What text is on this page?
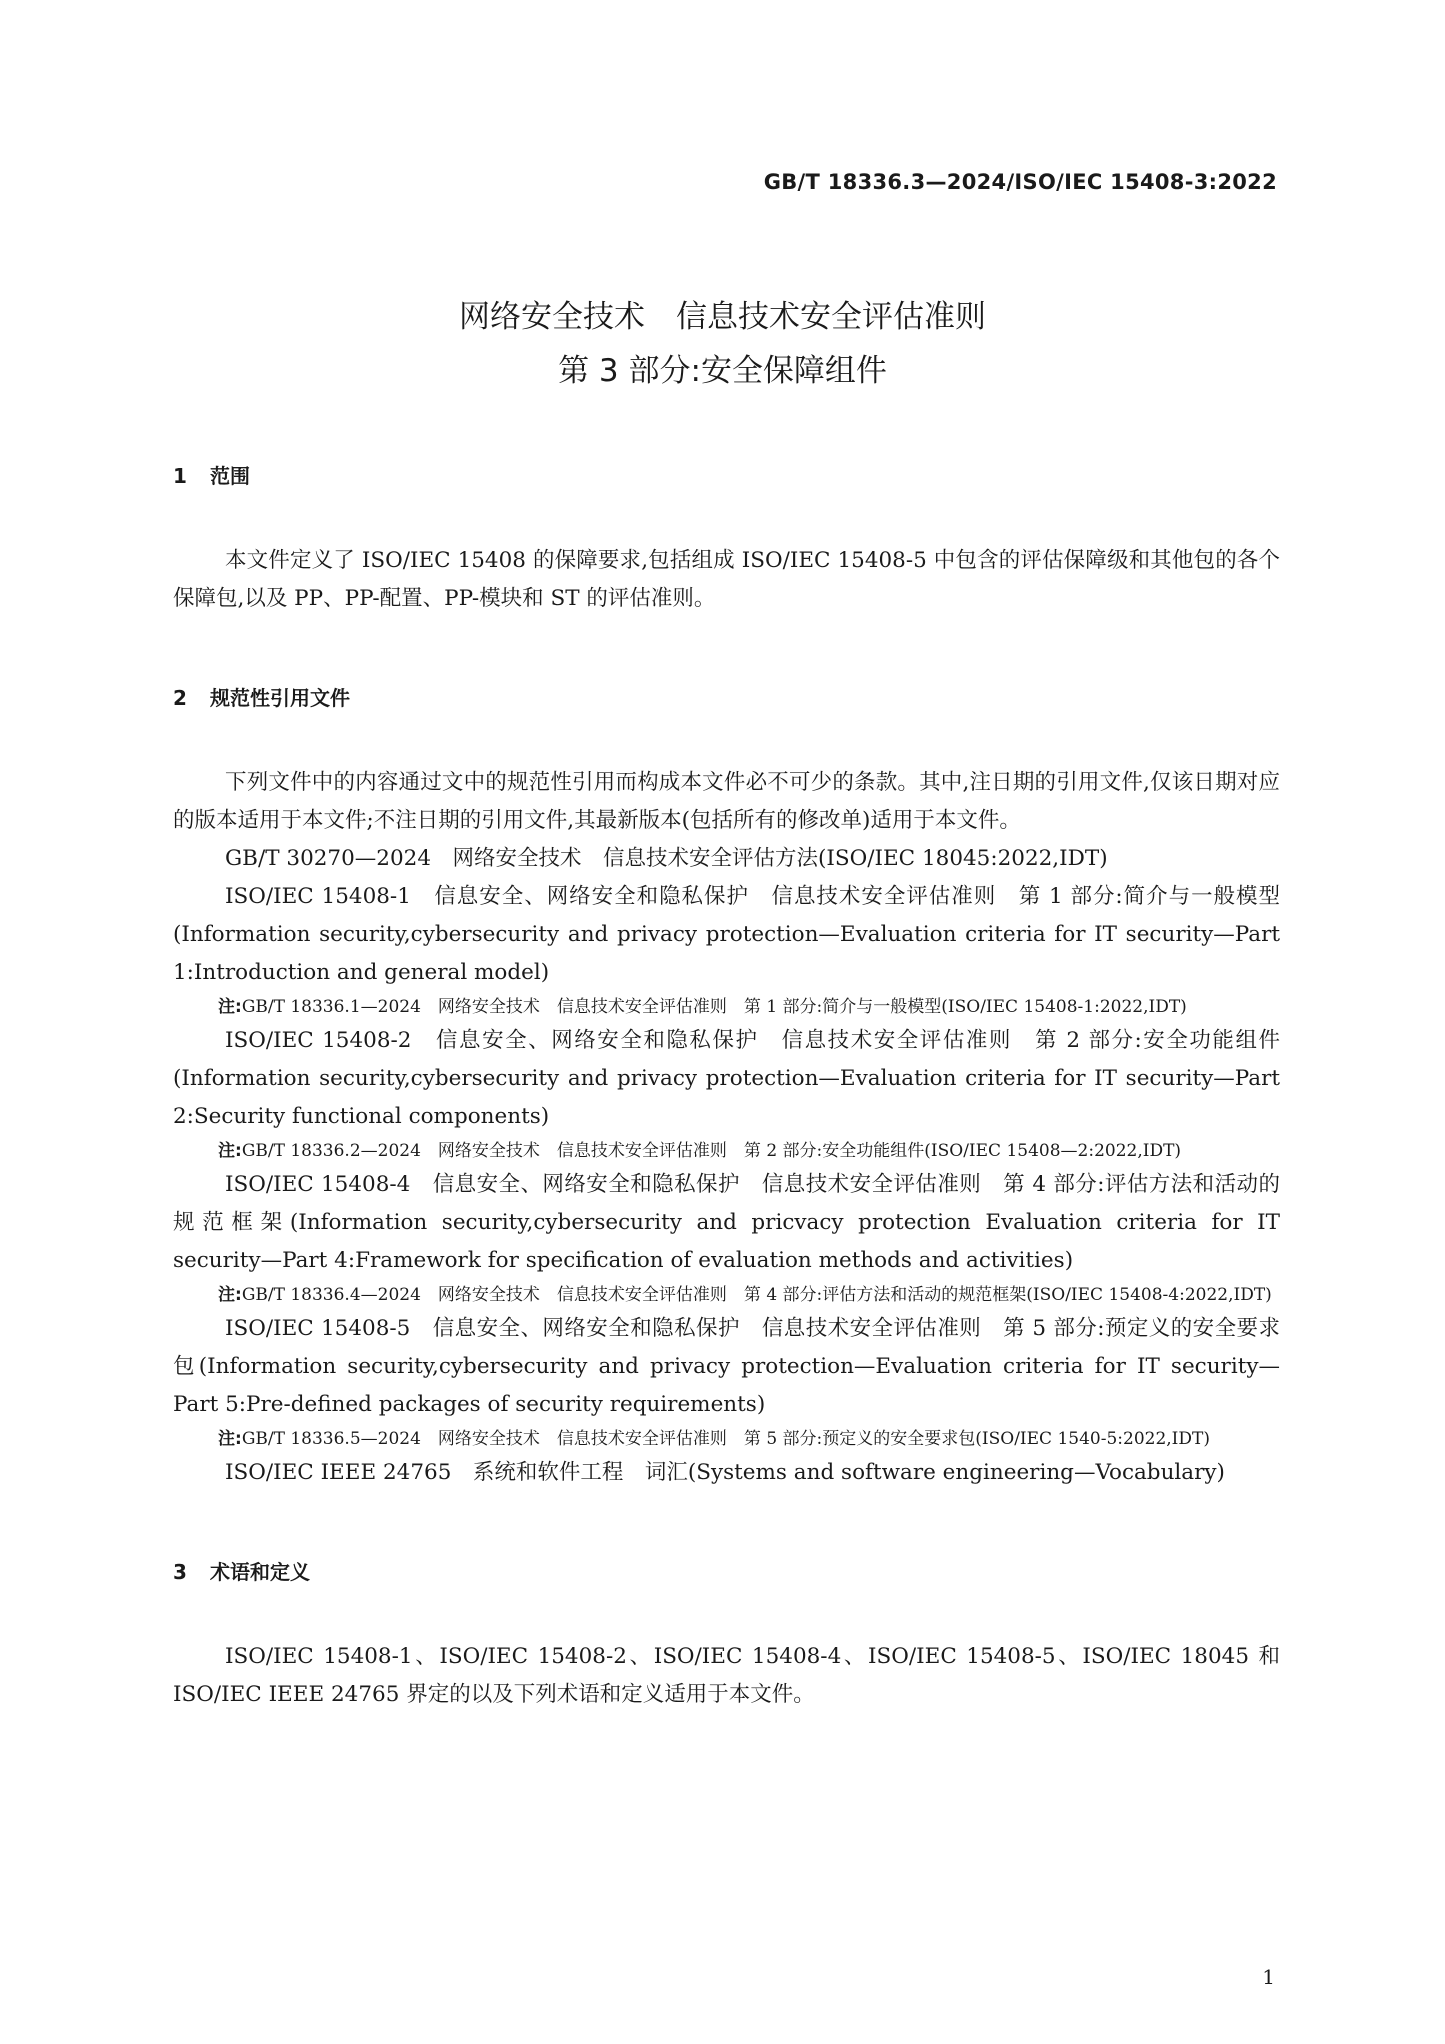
GB/T 18336.3—2024/ISO/IEC 15408-3:2022
网络安全技术　信息技术安全评估准则
第 3 部分:安全保障组件
1 范围

本文件定义了 ISO/IEC 15408 的保障要求,包括组成 ISO/IEC 15408-5 中包含的评估保障级和其他包的各个保障包,以及 PP、PP-配置、PP-模块和 ST 的评估准则。

2 规范性引用文件

下列文件中的内容通过文中的规范性引用而构成本文件必不可少的条款。其中,注日期的引用文件,仅该日期对应的版本适用于本文件;不注日期的引用文件,其最新版本(包括所有的修改单)适用于本文件。

GB/T 30270—2024　网络安全技术　信息技术安全评估方法(ISO/IEC 18045:2022,IDT)

ISO/IEC 15408-1　信息安全、网络安全和隐私保护　信息技术安全评估准则　第 1 部分:简介与一般模型(Information security,cybersecurity and privacy protection—Evaluation criteria for IT security—Part 1:Introduction and general model)

注:GB/T 18336.1—2024　网络安全技术　信息技术安全评估准则　第 1 部分:简介与一般模型(ISO/IEC 15408-1:2022,IDT)

ISO/IEC 15408-2　信息安全、网络安全和隐私保护　信息技术安全评估准则　第 2 部分:安全功能组件(Information security,cybersecurity and privacy protection—Evaluation criteria for IT security—Part 2:Security functional components)

注:GB/T 18336.2—2024　网络安全技术　信息技术安全评估准则　第 2 部分:安全功能组件(ISO/IEC 15408—2:2022,IDT)

ISO/IEC 15408-4　信息安全、网络安全和隐私保护　信息技术安全评估准则　第 4 部分:评估方法和活动的规范框架(Information security,cybersecurity and pricvacy protection Evaluation criteria for IT security—Part 4:Framework for specification of evaluation methods and activities)

注:GB/T 18336.4—2024　网络安全技术　信息技术安全评估准则　第 4 部分:评估方法和活动的规范框架(ISO/IEC 15408-4:2022,IDT)

ISO/IEC 15408-5　信息安全、网络安全和隐私保护　信息技术安全评估准则　第 5 部分:预定义的安全要求包(Information security,cybersecurity and privacy protection—Evaluation criteria for IT security—Part 5:Pre-defined packages of security requirements)

注:GB/T 18336.5—2024　网络安全技术　信息技术安全评估准则　第 5 部分:预定义的安全要求包(ISO/IEC 1540-5:2022,IDT)

ISO/IEC IEEE 24765　系统和软件工程　词汇(Systems and software engineering—Vocabulary)

3 术语和定义

ISO/IEC 15408-1、ISO/IEC 15408-2、ISO/IEC 15408-4、ISO/IEC 15408-5、ISO/IEC 18045 和 ISO/IEC IEEE 24765 界定的以及下列术语和定义适用于本文件。

1
